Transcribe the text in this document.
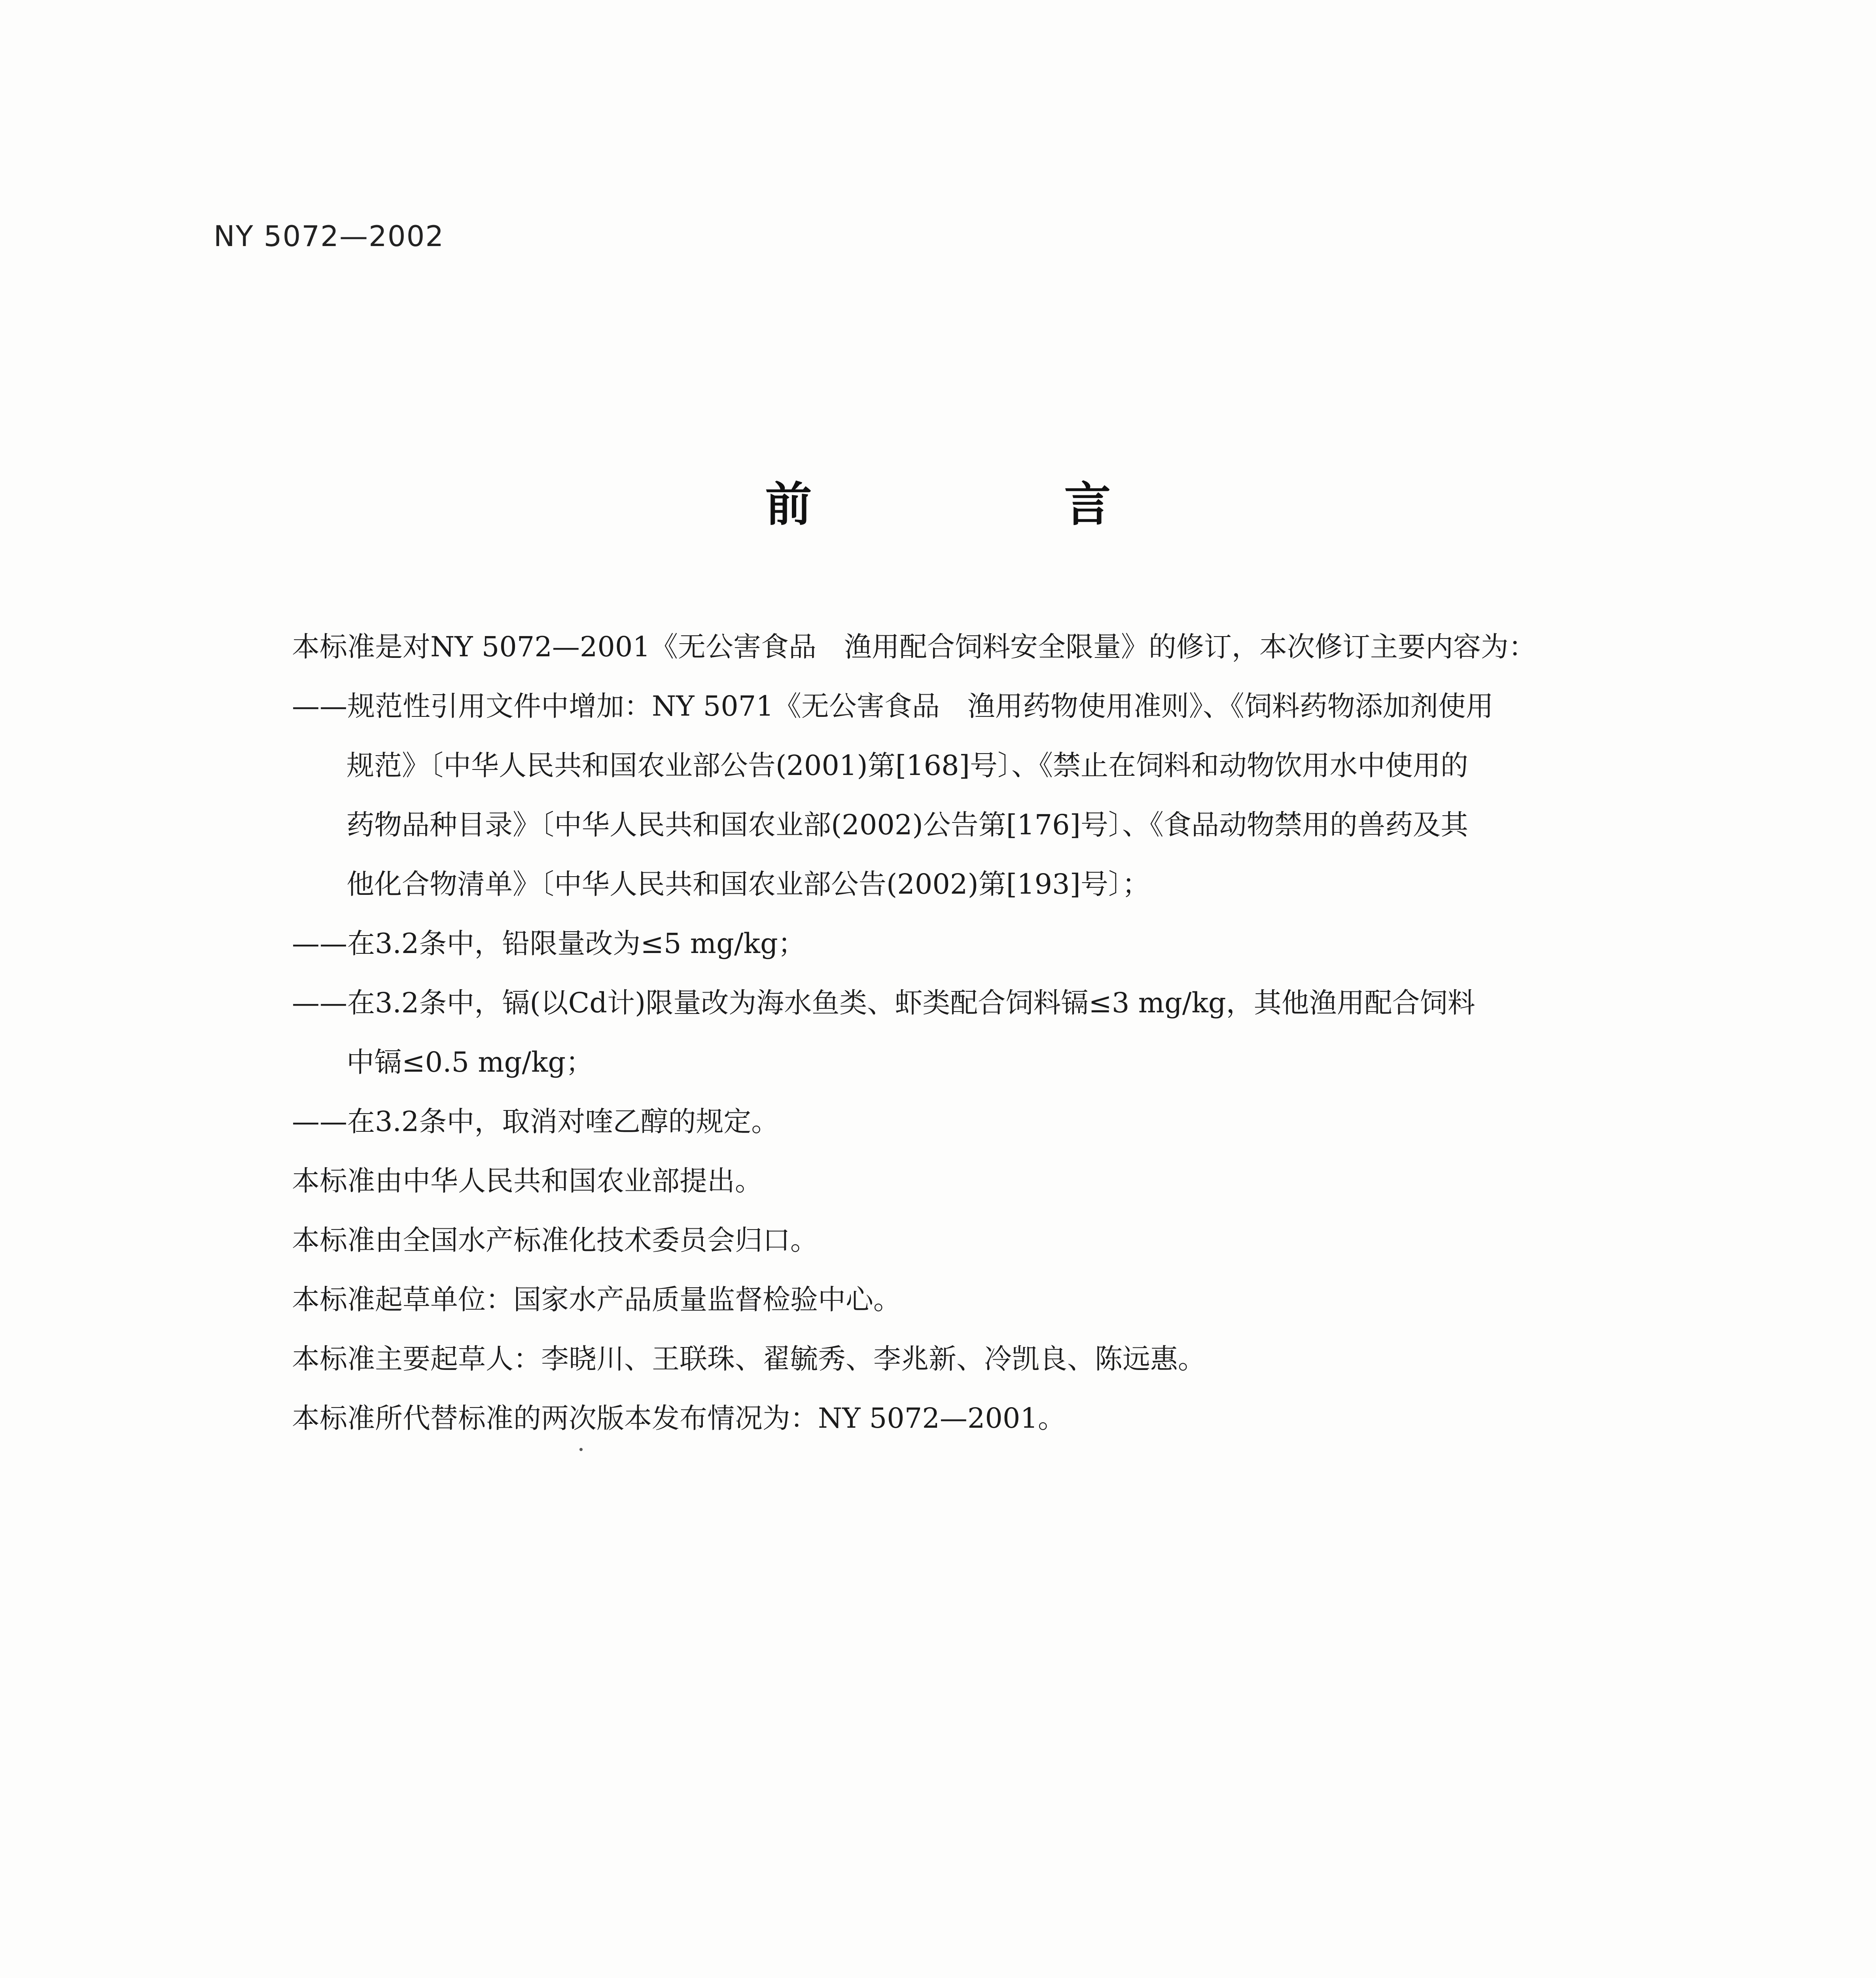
NY 5072—2002
前　言
本标准是对NY 5072—2001《无公害食品　渔用配合饲料安全限量》的修订，本次修订主要内容为：
——规范性引用文件中增加：NY 5071《无公害食品　渔用药物使用准则》、《饲料药物添加剂使用
规范》〔中华人民共和国农业部公告(2001)第[168]号〕、《禁止在饲料和动物饮用水中使用的
药物品种目录》〔中华人民共和国农业部(2002)公告第[176]号〕、《食品动物禁用的兽药及其
他化合物清单》〔中华人民共和国农业部公告(2002)第[193]号〕；
——在3.2条中，铅限量改为≤5 mg/kg；
——在3.2条中，镉(以Cd计)限量改为海水鱼类、虾类配合饲料镉≤3 mg/kg，其他渔用配合饲料
中镉≤0.5 mg/kg；
——在3.2条中，取消对喹乙醇的规定。
本标准由中华人民共和国农业部提出。
本标准由全国水产标准化技术委员会归口。
本标准起草单位：国家水产品质量监督检验中心。
本标准主要起草人：李晓川、王联珠、翟毓秀、李兆新、冷凯良、陈远惠。
本标准所代替标准的两次版本发布情况为：NY 5072—2001。
